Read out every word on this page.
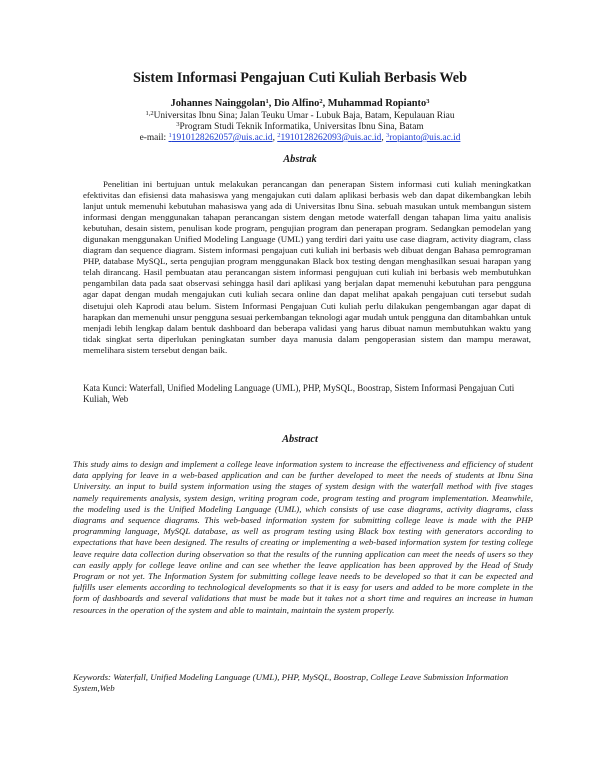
Sistem Informasi Pengajuan Cuti Kuliah Berbasis Web
Johannes Nainggolan$^1$, Dio Alfino$^2$, Muhammad Ropianto$^3$
$^{1,2}$Universitas Ibnu Sina; Jalan Teuku Umar - Lubuk Baja, Batam, Kepulauan Riau
$^3$Program Studi Teknik Informatika, Universitas Ibnu Sina, Batam
e-mail: $^1$1910128262057@uis.ac.id, $^2$1910128262093@uis.ac.id, $^3$ropianto@uis.ac.id
Abstrak

Penelitian ini bertujuan untuk melakukan perancangan dan penerapan Sistem informasi cuti kuliah meningkatkan efektivitas dan efisiensi data mahasiswa yang mengajukan cuti dalam aplikasi berbasis web dan dapat dikembangkan lebih lanjut untuk memenuhi kebutuhan mahasiswa yang ada di Universitas Ibnu Sina. sebuah masukan untuk membangun sistem informasi dengan menggunakan tahapan perancangan sistem dengan metode waterfall dengan tahapan lima yaitu analisis kebutuhan, desain sistem, penulisan kode program, pengujian program dan penerapan program. Sedangkan pemodelan yang digunakan menggunakan Unified Modeling Language (UML) yang terdiri dari yaitu use case diagram, activity diagram, class diagram dan sequence diagram. Sistem informasi pengajuan cuti kuliah ini berbasis web dibuat dengan Bahasa pemrograman PHP, database MySQL, serta pengujian program menggunakan Black box testing dengan menghasilkan sesuai harapan yang telah dirancang. Hasil pembuatan atau perancangan sistem informasi pengujuan cuti kuliah ini berbasis web membutuhkan pengambilan data pada saat observasi sehingga hasil dari aplikasi yang berjalan dapat memenuhi kebutuhan para pengguna agar dapat dengan mudah mengajukan cuti kuliah secara online dan dapat melihat apakah pengajuan cuti tersebut sudah disetujui oleh Kaprodi atau belum. Sistem Informasi Pengajuan Cuti kuliah perlu dilakukan pengembangan agar dapat di harapkan dan memenuhi unsur pengguna sesuai perkembangan teknologi agar mudah untuk pengguna dan ditambahkan untuk menjadi lebih lengkap dalam bentuk dashboard dan beberapa validasi yang harus dibuat namun membutuhkan waktu yang tidak singkat serta diperlukan peningkatan sumber daya manusia dalam pengoperasian sistem dan mampu merawat, memelihara sistem tersebut dengan baik.

Kata Kunci: Waterfall, Unified Modeling Language (UML), PHP, MySQL, Boostrap, Sistem Informasi Pengajuan Cuti Kuliah, Web

Abstract

This study aims to design and implement a college leave information system to increase the effectiveness and efficiency of student data applying for leave in a web-based application and can be further developed to meet the needs of students at Ibnu Sina University. an input to build system information using the stages of system design with the waterfall method with five stages namely requirements analysis, system design, writing program code, program testing and program implementation. Meanwhile, the modeling used is the Unified Modeling Language (UML), which consists of use case diagrams, activity diagrams, class diagrams and sequence diagrams. This web-based information system for submitting college leave is made with the PHP programming language, MySQL database, as well as program testing using Black box testing with generators according to expectations that have been designed. The results of creating or implementing a web-based information system for testing college leave require data collection during observation so that the results of the running application can meet the needs of users so they can easily apply for college leave online and can see whether the leave application has been approved by the Head of Study Program or not yet. The Information System for submitting college leave needs to be developed so that it can be expected and fulfills user elements according to technological developments so that it is easy for users and added to be more complete in the form of dashboards and several validations that must be made but it takes not a short time and requires an increase in human resources in the operation of the system and able to maintain, maintain the system properly.

Keywords: Waterfall, Unified Modeling Language (UML), PHP, MySQL, Boostrap, College Leave Submission Information System,Web
